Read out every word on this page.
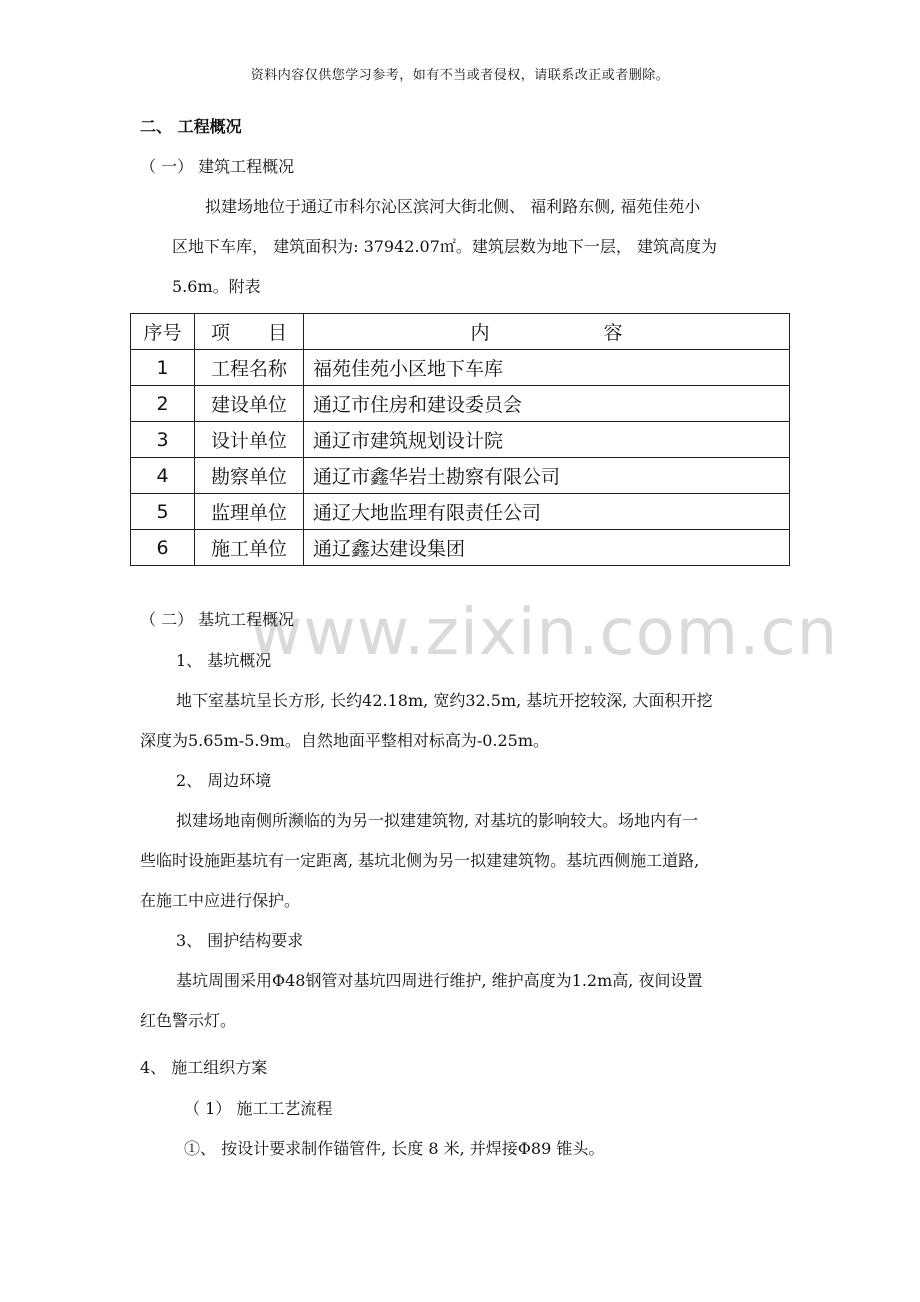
资料内容仅供您学习参考，如有不当或者侵权，请联系改正或者删除。
二、 工程概况
（ 一） 建筑工程概况
拟建场地位于通辽市科尔沁区滨河大街北侧、 福利路东侧, 福苑佳苑小
区地下车库， 建筑面积为: 37942.07㎡。建筑层数为地下一层， 建筑高度为
5.6m。附表
序号	项　　目	内　　　　　　容
1	工程名称	福苑佳苑小区地下车库
2	建设单位	通辽市住房和建设委员会
3	设计单位	通辽市建筑规划设计院
4	勘察单位	通辽市鑫华岩土勘察有限公司
5	监理单位	通辽大地监理有限责任公司
6	施工单位	通辽鑫达建设集团
www.zixin.com.cn
（ 二） 基坑工程概况
1、 基坑概况
地下室基坑呈长方形, 长约42.18m, 宽约32.5m, 基坑开挖较深, 大面积开挖
深度为5.65m-5.9m。自然地面平整相对标高为-0.25m。
2、 周边环境
拟建场地南侧所濒临的为另一拟建建筑物, 对基坑的影响较大。场地内有一
些临时设施距基坑有一定距离, 基坑北侧为另一拟建建筑物。基坑西侧施工道路,
在施工中应进行保护。
3、 围护结构要求
基坑周围采用Φ48钢管对基坑四周进行维护, 维护高度为1.2m高, 夜间设置
红色警示灯。
4、 施工组织方案
（ 1） 施工工艺流程
①、 按设计要求制作锚管件, 长度 8 米, 并焊接Φ89 锥头。
